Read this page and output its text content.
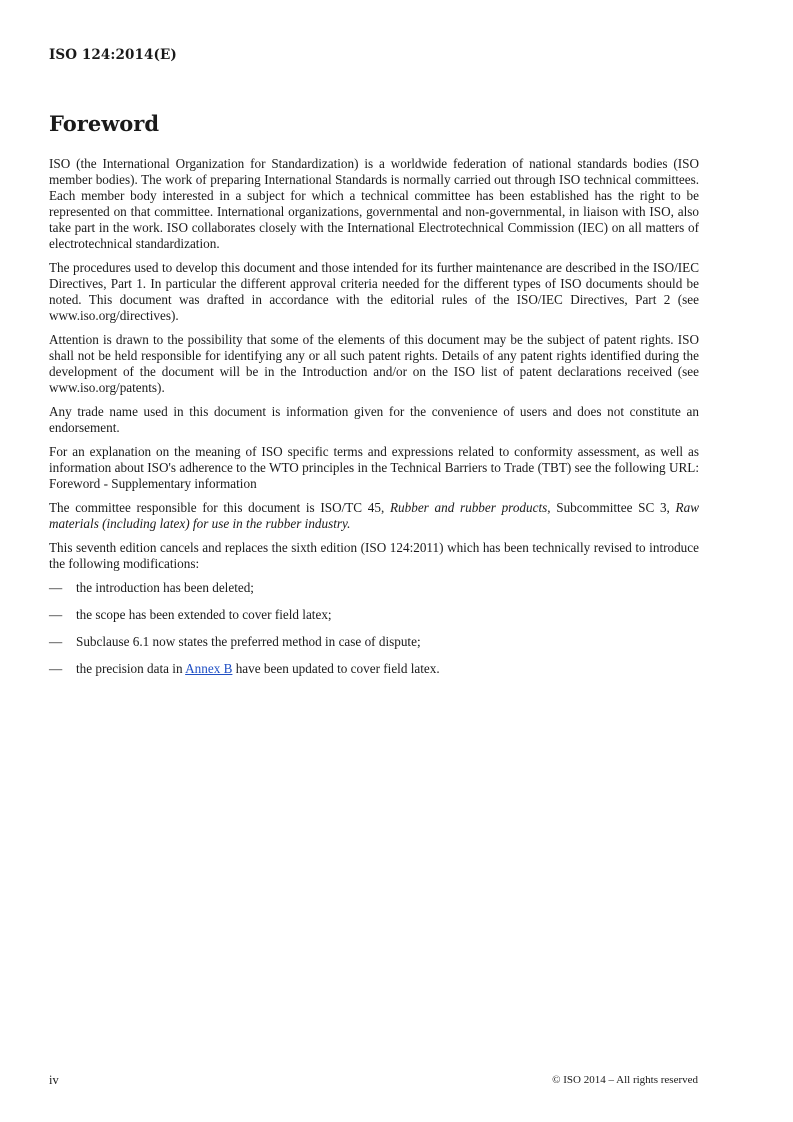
ISO 124:2014(E)
Foreword

ISO (the International Organization for Standardization) is a worldwide federation of national standards bodies (ISO member bodies). The work of preparing International Standards is normally carried out through ISO technical committees. Each member body interested in a subject for which a technical committee has been established has the right to be represented on that committee. International organizations, governmental and non-governmental, in liaison with ISO, also take part in the work. ISO collaborates closely with the International Electrotechnical Commission (IEC) on all matters of electrotechnical standardization.

The procedures used to develop this document and those intended for its further maintenance are described in the ISO/IEC Directives, Part 1. In particular the different approval criteria needed for the different types of ISO documents should be noted. This document was drafted in accordance with the editorial rules of the ISO/IEC Directives, Part 2 (see www.iso.org/directives).

Attention is drawn to the possibility that some of the elements of this document may be the subject of patent rights. ISO shall not be held responsible for identifying any or all such patent rights. Details of any patent rights identified during the development of the document will be in the Introduction and/or on the ISO list of patent declarations received (see www.iso.org/patents).

Any trade name used in this document is information given for the convenience of users and does not constitute an endorsement.

For an explanation on the meaning of ISO specific terms and expressions related to conformity assessment, as well as information about ISO's adherence to the WTO principles in the Technical Barriers to Trade (TBT) see the following URL: Foreword - Supplementary information

The committee responsible for this document is ISO/TC 45, Rubber and rubber products, Subcommittee SC 3, Raw materials (including latex) for use in the rubber industry.

This seventh edition cancels and replaces the sixth edition (ISO 124:2011) which has been technically revised to introduce the following modifications:

— the introduction has been deleted;
— the scope has been extended to cover field latex;
— Subclause 6.1 now states the preferred method in case of dispute;
— the precision data in Annex B have been updated to cover field latex.
iv	© ISO 2014 – All rights reserved
